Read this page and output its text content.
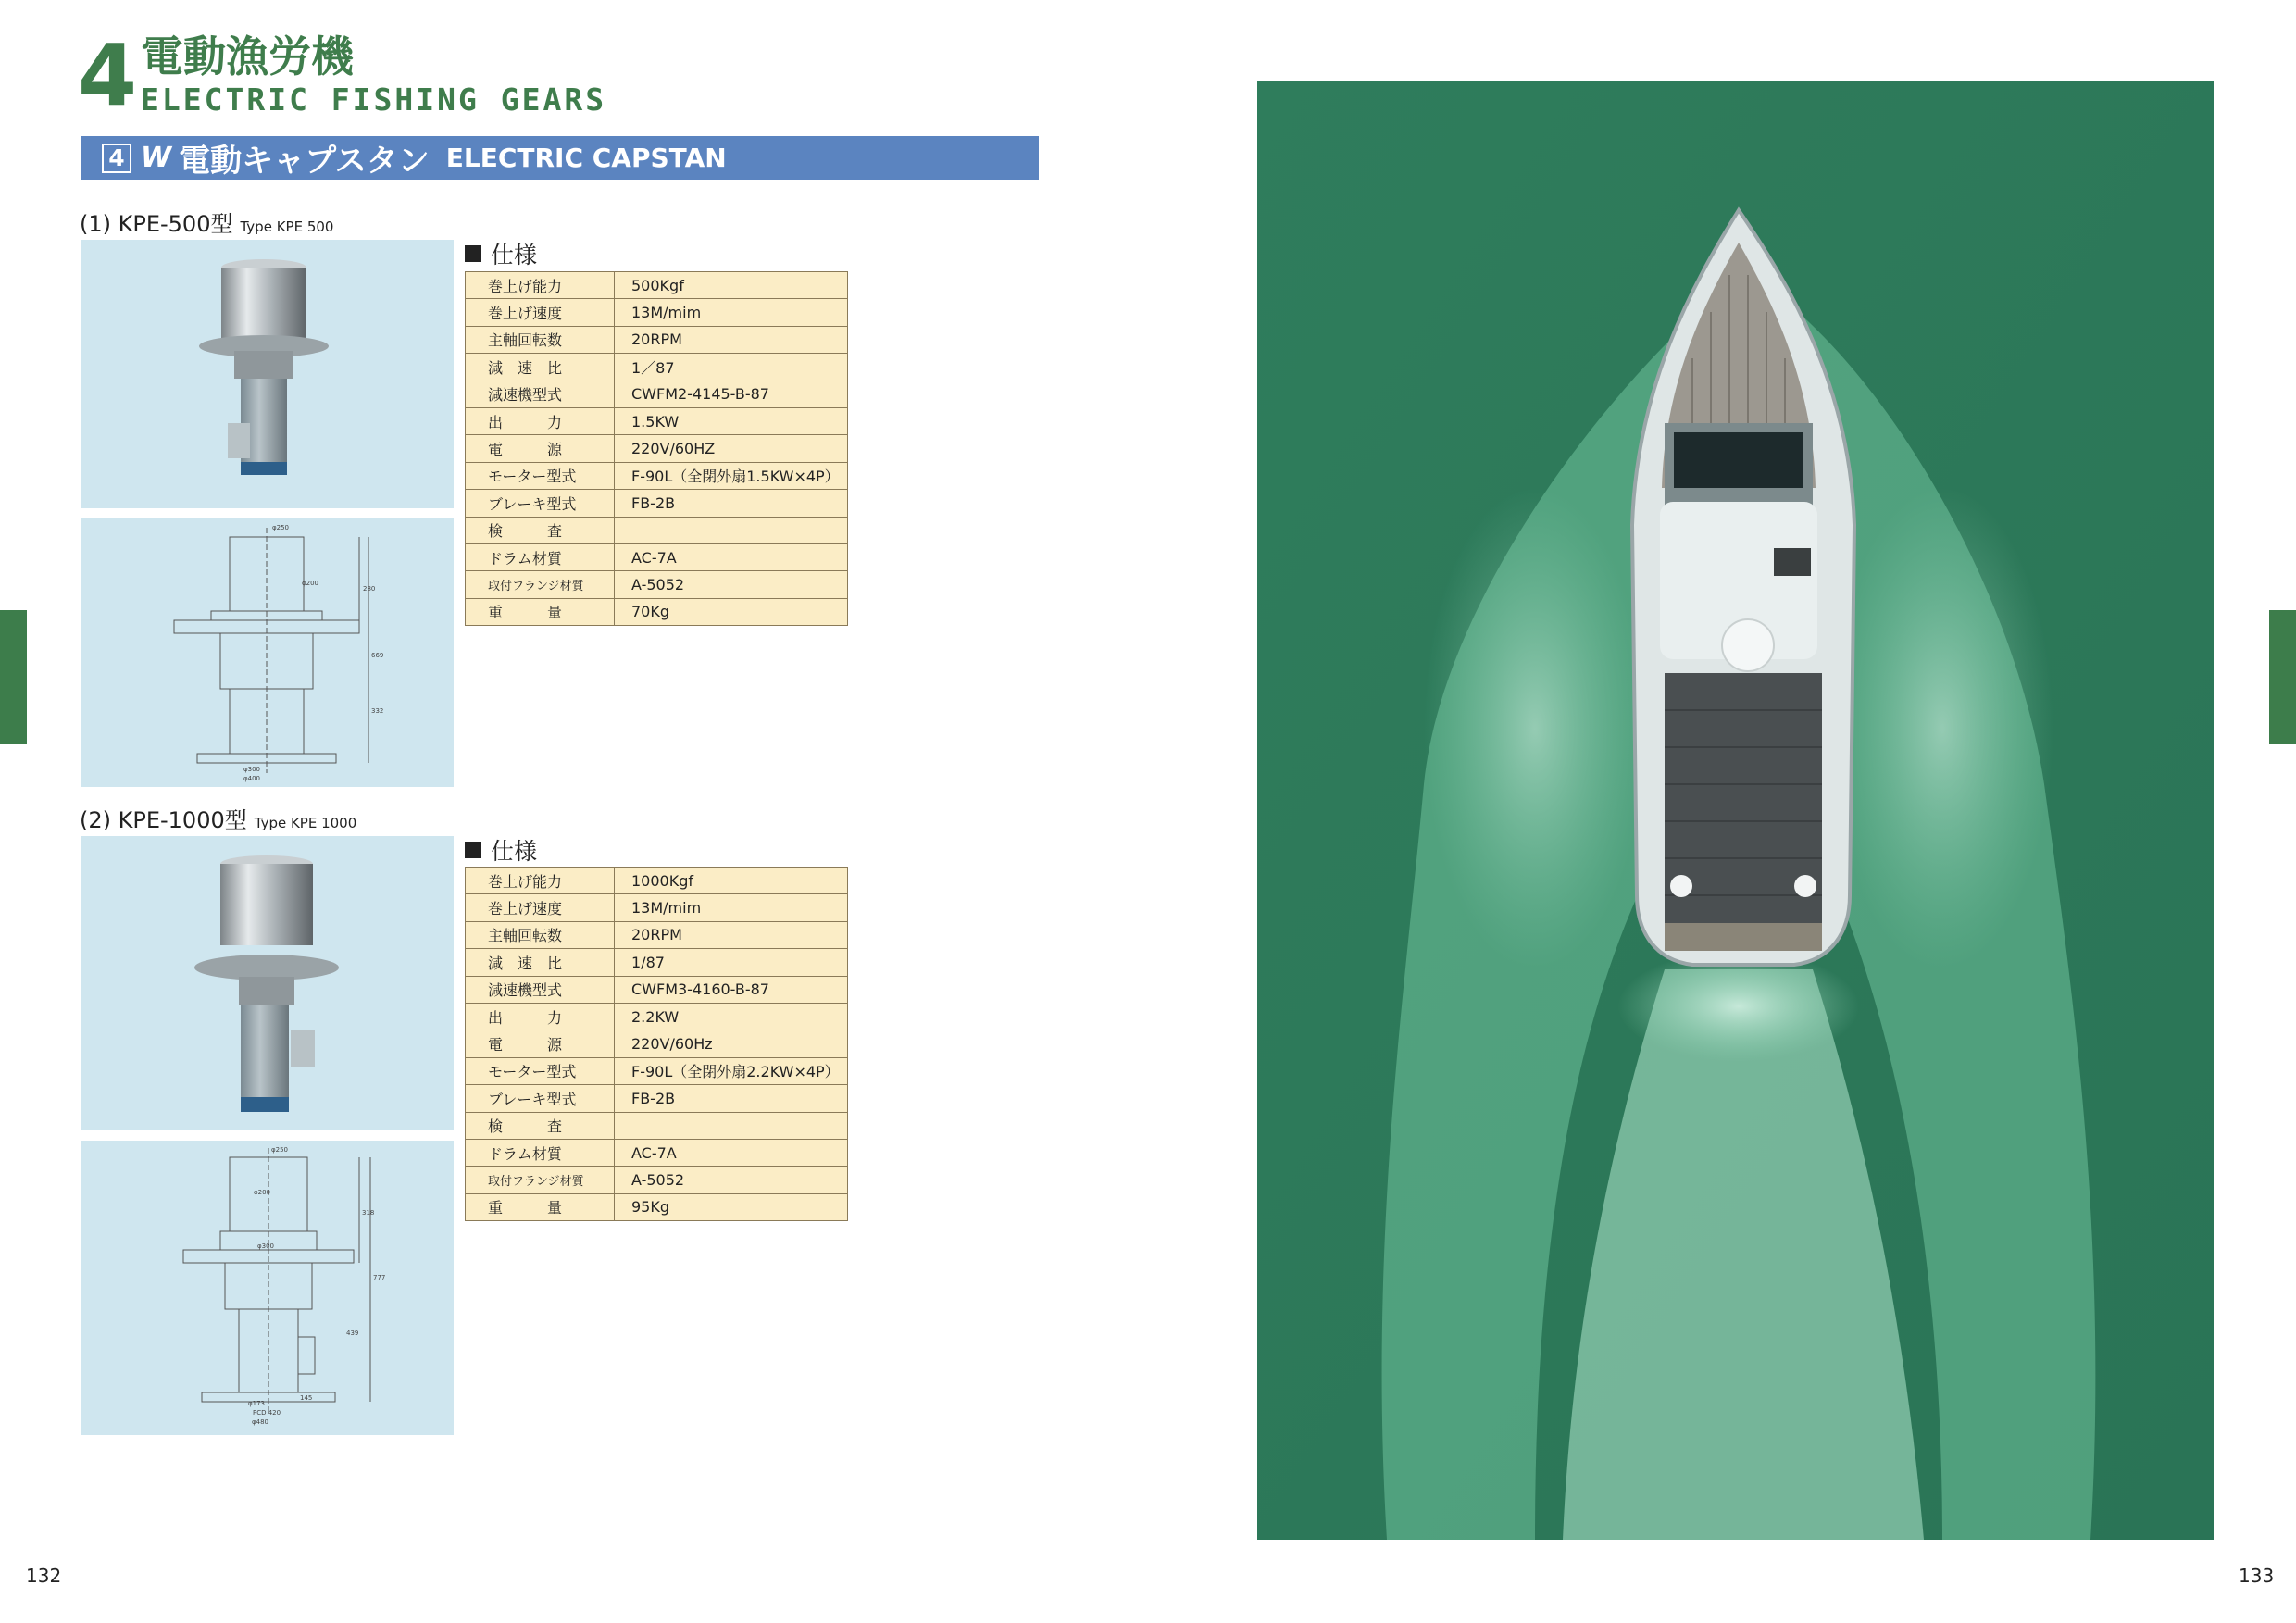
4 電動漁労機
ELECTRIC FISHING GEARS
4 W 電動キャプスタン ELECTRIC CAPSTAN
(1) KPE-500型 Type KPE 500
φ250
φ200
φ300
φ400
280
669
332
仕様
巻上げ能力	500Kgf
巻上げ速度	13M/mim
主軸回転数	20RPM
減　速　比	1／87
減速機型式	CWFM2-4145-B-87
出　　　力	1.5KW
電　　　源	220V/60HZ
モーター型式	F-90L（全閉外扇1.5KW×4P）
ブレーキ型式	FB-2B
検　　　査	
ドラム材質	AC-7A
取付フランジ材質	A-5052
重　　　量	70Kg
(2) KPE-1000型 Type KPE 1000
φ250
φ200
φ300
φ480
318
777
439
PCD 420
φ173
145
仕様
巻上げ能力	1000Kgf
巻上げ速度	13M/mim
主軸回転数	20RPM
減　速　比	1/87
減速機型式	CWFM3-4160-B-87
出　　　力	2.2KW
電　　　源	220V/60Hz
モーター型式	F-90L（全閉外扇2.2KW×4P）
ブレーキ型式	FB-2B
検　　　査	
ドラム材質	AC-7A
取付フランジ材質	A-5052
重　　　量	95Kg
132	133
